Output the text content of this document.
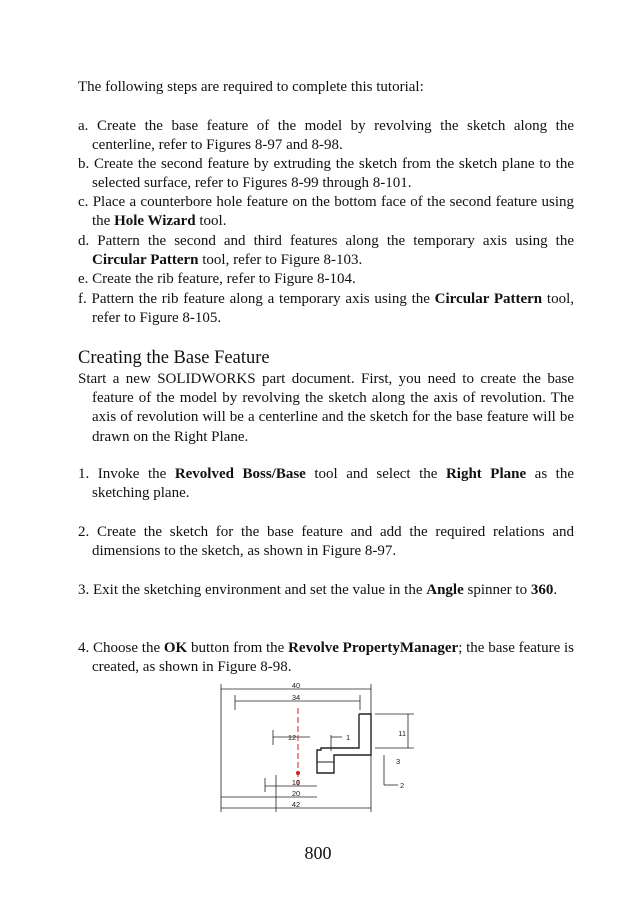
The following steps are required to complete this tutorial:
a. Create the base feature of the model by revolving the sketch along the centerline, refer to Figures 8-97 and 8-98.
b. Create the second feature by extruding the sketch from the sketch plane to the selected surface, refer to Figures 8-99 through 8-101.
c. Place a counterbore hole feature on the bottom face of the second feature using the Hole Wizard tool.
d. Pattern the second and third features along the temporary axis using the Circular Pattern tool, refer to Figure 8-103.
e. Create the rib feature, refer to Figure 8-104.
f. Pattern the rib feature along a temporary axis using the Circular Pattern tool, refer to Figure 8-105.
Creating the Base Feature
Start a new SOLIDWORKS part document. First, you need to create the base feature of the model by revolving the sketch along the axis of revolution. The axis of revolution will be a centerline and the sketch for the base feature will be drawn on the Right Plane.
1. Invoke the Revolved Boss/Base tool and select the Right Plane as the sketching plane.
2. Create the sketch for the base feature and add the required relations and dimensions to the sketch, as shown in Figure 8-97.
3. Exit the sketching environment and set the value in the Angle spinner to 360.
4. Choose the OK button from the Revolve PropertyManager; the base feature is created, as shown in Figure 8-98.
40
34
12	1	11
3
2
10
20
42
800
